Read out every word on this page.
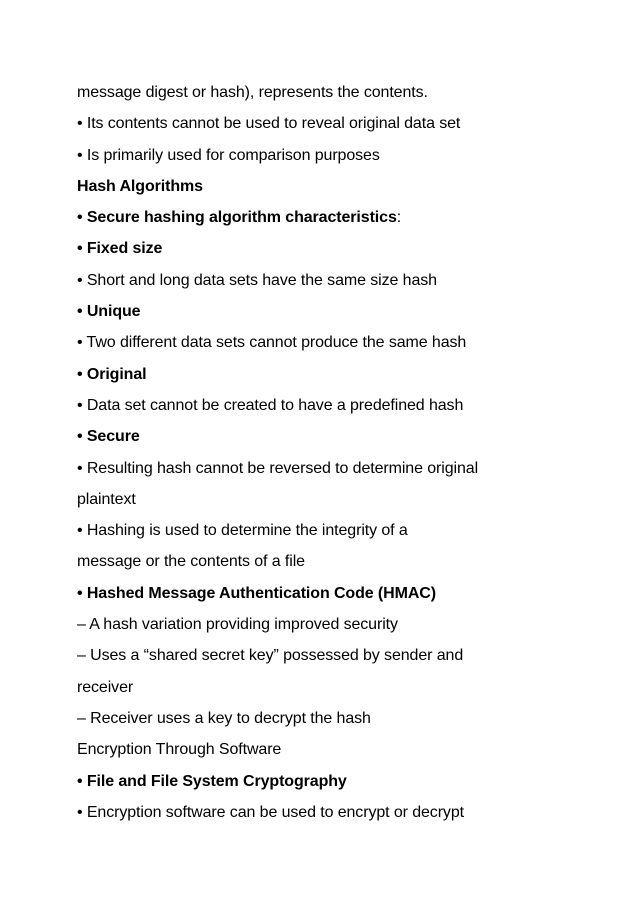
message digest or hash), represents the contents.
• Its contents cannot be used to reveal original data set
• Is primarily used for comparison purposes
Hash Algorithms
• Secure hashing algorithm characteristics:
• Fixed size
• Short and long data sets have the same size hash
• Unique
• Two different data sets cannot produce the same hash
• Original
• Data set cannot be created to have a predefined hash
• Secure
• Resulting hash cannot be reversed to determine original
plaintext
• Hashing is used to determine the integrity of a
message or the contents of a file
• Hashed Message Authentication Code (HMAC)
– A hash variation providing improved security
– Uses a “shared secret key” possessed by sender and
receiver
– Receiver uses a key to decrypt the hash
Encryption Through Software
• File and File System Cryptography
• Encryption software can be used to encrypt or decrypt
